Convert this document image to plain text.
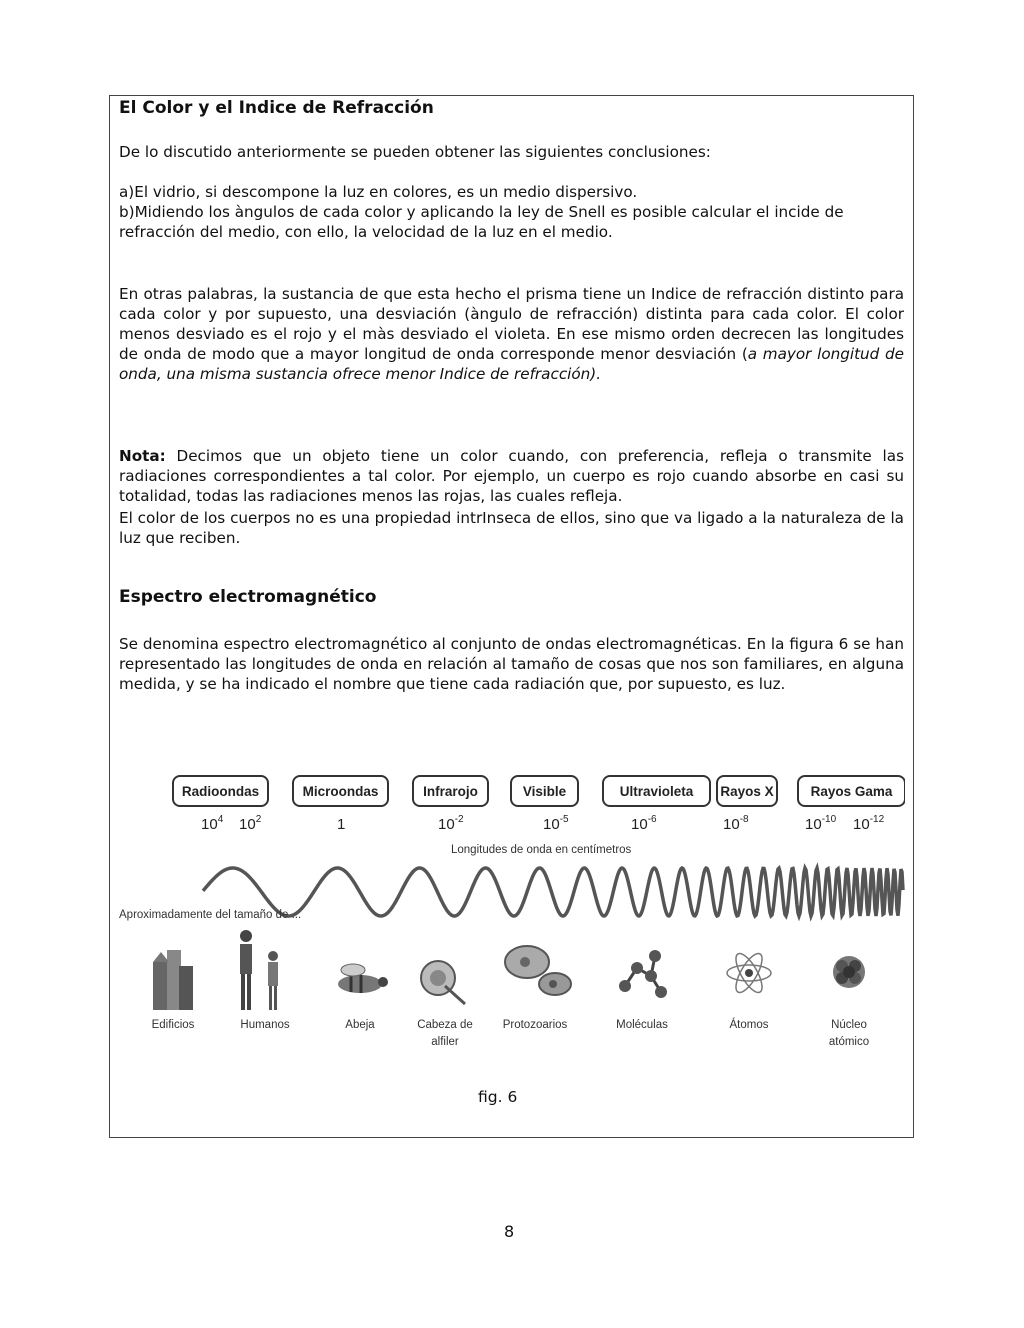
El Color y el Indice de Refracción

De lo discutido anteriormente se pueden obtener las siguientes conclusiones:

a)El vidrio, si descompone la luz en colores, es un medio dispersivo.

b)Midiendo los àngulos de cada color y aplicando la ley de Snell es posible calcular el incide de refracción del medio, con ello, la velocidad de la luz en el medio.

En otras palabras, la sustancia de que esta hecho el prisma tiene un Indice de refracción distinto para cada color y por supuesto, una desviación (àngulo de refracción) distinta para cada color. El color menos desviado es el rojo y el màs desviado el violeta. En ese mismo orden decrecen las longitudes de onda de modo que a mayor longitud de onda corresponde menor desviación (a mayor longitud de onda, una misma sustancia ofrece menor Indice de refracción).

Nota: Decimos que un objeto tiene un color cuando, con preferencia, refleja o transmite las radiaciones correspondientes a tal color. Por ejemplo, un cuerpo es rojo cuando absorbe en casi su totalidad, todas las radiaciones menos las rojas, las cuales refleja.

El color de los cuerpos no es una propiedad intrInseca de ellos, sino que va ligado a la naturaleza de la luz que reciben.

Espectro electromagnético

Se denomina espectro electromagnético al conjunto de ondas electromagnéticas. En la figura 6 se han representado las longitudes de onda en relación al tamaño de cosas que nos son familiares, en alguna medida, y se ha indicado el nombre que tiene cada radiación que, por supuesto, es luz.

Radioondas
$10^4$ $10^2$
Microondas
1
Infrarojo
$10^{-2}$
Visible
$10^{-5}$
Ultravioleta
$10^{-6}$
Rayos X
$10^{-8}$
Rayos Gama
$10^{-10}$ $10^{-12}$
Longitudes de onda en centímetros
Aproximadamente del tamaño de ...
Edificios	Humanos	Abeja	Cabeza de alfiler
Protozoarios	Moléculas	Átomos	Núcleo atómico

fig. 6

8
